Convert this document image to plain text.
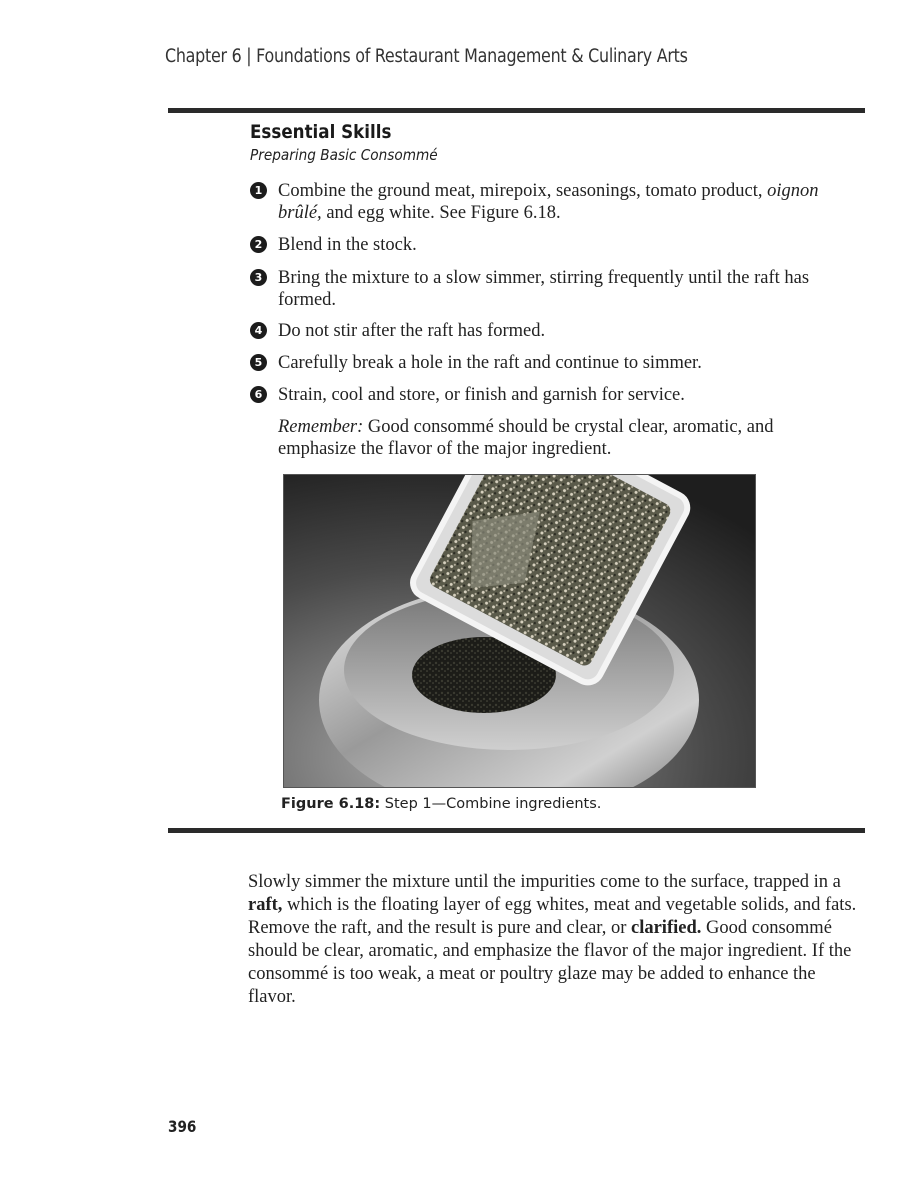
Chapter 6 | Foundations of Restaurant Management & Culinary Arts
Essential Skills
Preparing Basic Consommé
1 Combine the ground meat, mirepoix, seasonings, tomato product, oignon brûlé, and egg white. See Figure 6.18.
2 Blend in the stock.
3 Bring the mixture to a slow simmer, stirring frequently until the raft has formed.
4 Do not stir after the raft has formed.
5 Carefully break a hole in the raft and continue to simmer.
6 Strain, cool and store, or finish and garnish for service.
Remember: Good consommé should be crystal clear, aromatic, and emphasize the flavor of the major ingredient.
Figure 6.18: Step 1—Combine ingredients.
Slowly simmer the mixture until the impurities come to the surface, trapped in a raft, which is the floating layer of egg whites, meat and vegetable solids, and fats. Remove the raft, and the result is pure and clear, or clarified. Good consommé should be clear, aromatic, and emphasize the flavor of the major ingredient. If the consommé is too weak, a meat or poultry glaze may be added to enhance the flavor.
396
